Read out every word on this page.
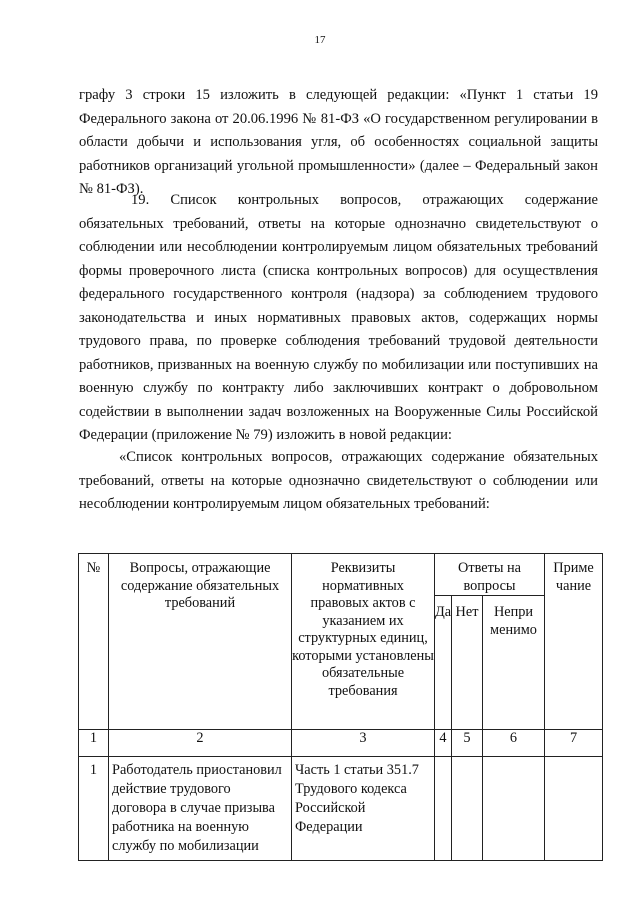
17

графу 3 строки 15 изложить в следующей редакции: «Пункт 1 статьи 19 Федерального закона от 20.06.1996 № 81-ФЗ «О государственном регулировании в области добычи и использования угля, об особенностях социальной защиты работников организаций угольной промышленности» (далее – Федеральный закон № 81-ФЗ).

19. Список контрольных вопросов, отражающих содержание обязательных требований, ответы на которые однозначно свидетельствуют о соблюдении или несоблюдении контролируемым лицом обязательных требований формы проверочного листа (списка контрольных вопросов) для осуществления федерального государственного контроля (надзора) за соблюдением трудового законодательства и иных нормативных правовых актов, содержащих нормы трудового права, по проверке соблюдения требований трудовой деятельности работников, призванных на военную службу по мобилизации или поступивших на военную службу по контракту либо заключивших контракт о добровольном содействии в выполнении задач возложенных на Вооруженные Силы Российской Федерации (приложение № 79) изложить в новой редакции:

«Список контрольных вопросов, отражающих содержание обязательных требований, ответы на которые однозначно свидетельствуют о соблюдении или несоблюдении контролируемым лицом обязательных требований:

№	Вопросы, отражающие содержание обязательных требований	Реквизиты нормативных правовых актов с указанием их структурных единиц, которыми установлены обязательные требования	Ответы на вопросы			Приме чание
			Да	Нет	Непри менимо	
1	2	3	4	5	6	7
1	Работодатель приостановил действие трудового договора в случае призыва работника на военную службу по мобилизации	Часть 1 статьи 351.7 Трудового кодекса Российской Федерации				
